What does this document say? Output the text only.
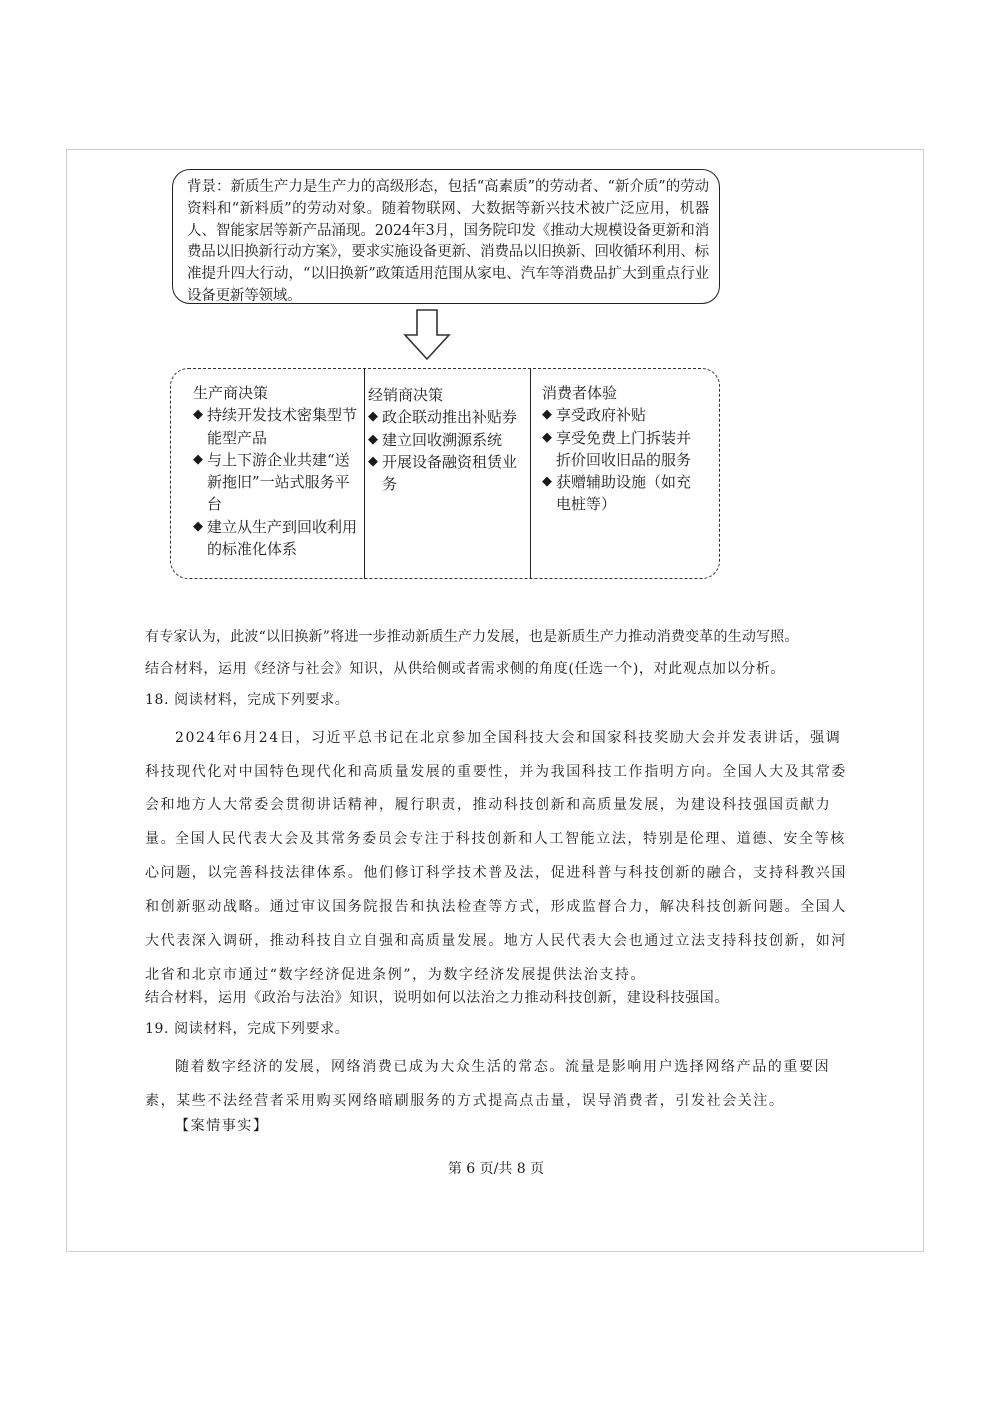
背景：新质生产力是生产力的高级形态，包括“高素质”的劳动者、“新介质”的劳动资料和“新料质”的劳动对象。随着物联网、大数据等新兴技术被广泛应用，机器人、智能家居等新产品涌现。2024年3月，国务院印发《推动大规模设备更新和消费品以旧换新行动方案》，要求实施设备更新、消费品以旧换新、回收循环利用、标准提升四大行动，“以旧换新”政策适用范围从家电、汽车等消费品扩大到重点行业设备更新等领域。
生产商决策
◆ 持续开发技术密集型节能型产品
◆ 与上下游企业共建“送新拖旧”一站式服务平台
◆ 建立从生产到回收利用的标准化体系
经销商决策
◆ 政企联动推出补贴券
◆ 建立回收溯源系统
◆ 开展设备融资租赁业务
消费者体验
◆ 享受政府补贴
◆ 享受免费上门拆装并折价回收旧品的服务
◆ 获赠辅助设施（如充电桩等）
有专家认为，此波“以旧换新”将进一步推动新质生产力发展，也是新质生产力推动消费变革的生动写照。
结合材料，运用《经济与社会》知识，从供给侧或者需求侧的角度(任选一个)，对此观点加以分析。
18. 阅读材料，完成下列要求。
2024年6月24日，习近平总书记在北京参加全国科技大会和国家科技奖励大会并发表讲话，强调科技现代化对中国特色现代化和高质量发展的重要性，并为我国科技工作指明方向。全国人大及其常委会和地方人大常委会贯彻讲话精神，履行职责，推动科技创新和高质量发展，为建设科技强国贡献力量。
全国人民代表大会及其常务委员会专注于科技创新和人工智能立法，特别是伦理、道德、安全等核心问题，以完善科技法律体系。他们修订科学技术普及法，促进科普与科技创新的融合，支持科教兴国和创新驱动战略。通过审议国务院报告和执法检查等方式，形成监督合力，解决科技创新问题。全国人大代表深入调研，推动科技自立自强和高质量发展。地方人民代表大会也通过立法支持科技创新，如河北省和北京市通过“数字经济促进条例”，为数字经济发展提供法治支持。
结合材料，运用《政治与法治》知识，说明如何以法治之力推动科技创新，建设科技强国。
19. 阅读材料，完成下列要求。
随着数字经济的发展，网络消费已成为大众生活的常态。流量是影响用户选择网络产品的重要因素，某些不法经营者采用购买网络暗刷服务的方式提高点击量，误导消费者，引发社会关注。
【案情事实】
第 6 页/共 8 页
